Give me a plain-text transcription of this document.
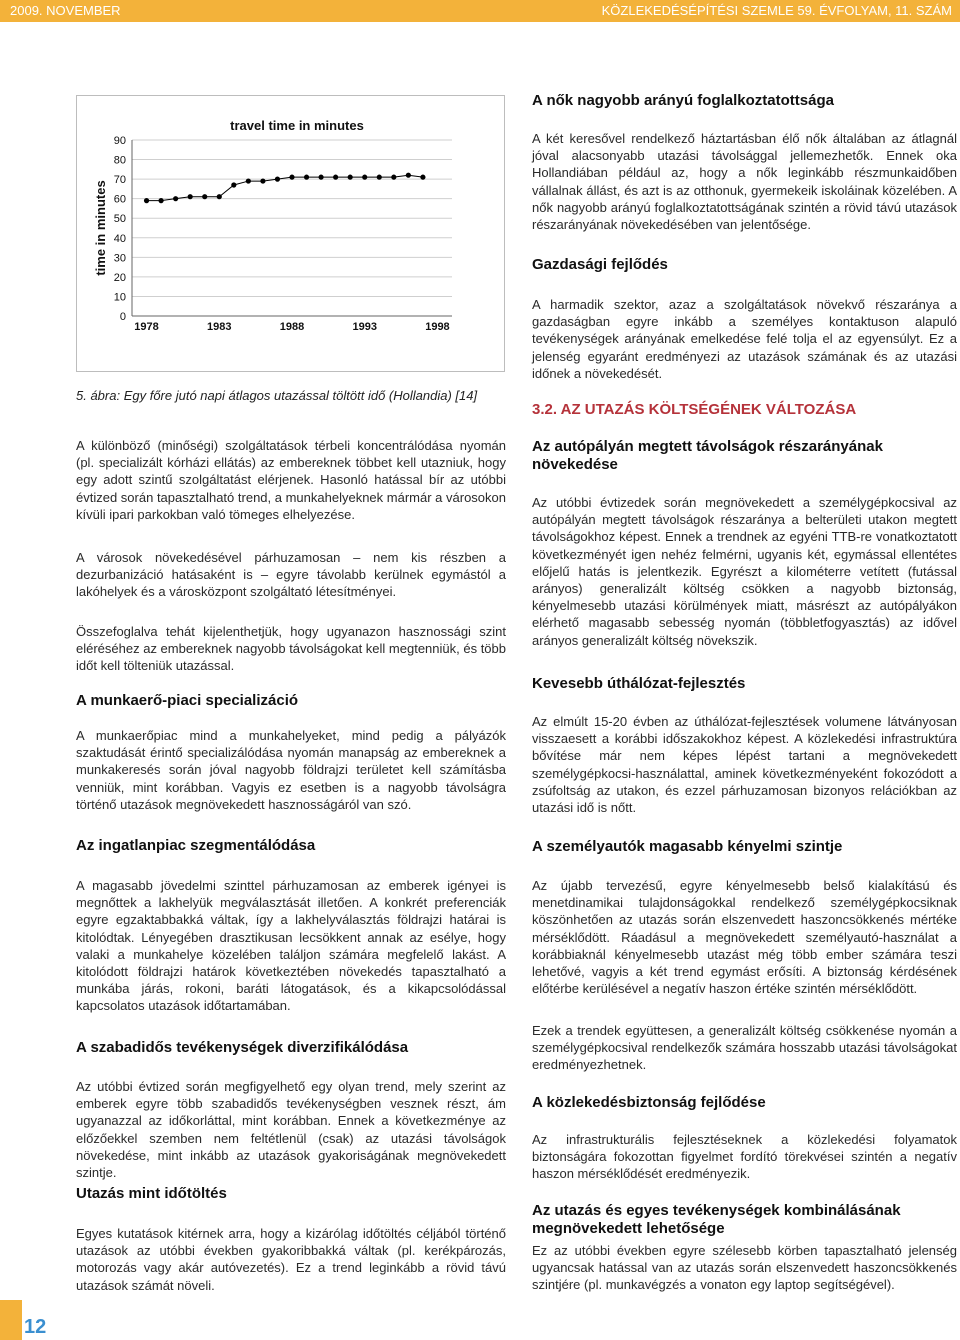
2009. NOVEMBER	KÖZLEKEDÉSÉPÍTÉSI SZEMLE 59. ÉVFOLYAM, 11. SZÁM
90
80
70
60
50
40
30
20
10
0
1978	1983	1988	1993	1998
travel time in minutes
time in minutes
5. ábra: Egy főre jutó napi átlagos utazással töltött idő (Hollandia) [14]

A különböző (minőségi) szolgáltatások térbeli koncentrálódása nyomán (pl. specializált kórházi ellátás) az embereknek többet kell utazniuk, hogy egy adott szintű szolgáltatást elérjenek. Hasonló hatással bír az utóbbi évtized során tapasztalható trend, a munkahelyeknek mármár a városokon kívüli ipari parkokban való tömeges elhelyezése.

A városok növekedésével párhuzamosan – nem kis részben a dezurbanizáció hatásaként is – egyre távolabb kerülnek egymástól a lakóhelyek és a városközpont szolgáltató létesítményei.

Összefoglalva tehát kijelenthetjük, hogy ugyanazon hasznossági szint eléréséhez az embereknek nagyobb távolságokat kell megtenniük, és több időt kell tölteniük utazással.

A munkaerő-piaci specializáció

A munkaerőpiac mind a munkahelyeket, mind pedig a pályázók szaktudását érintő specializálódása nyomán manapság az embereknek a munkakeresés során jóval nagyobb földrajzi területet kell számításba venniük, mint korábban. Vagyis ez esetben is a nagyobb távolságra történő utazások megnövekedett hasznosságáról van szó.

Az ingatlanpiac szegmentálódása

A magasabb jövedelmi szinttel párhuzamosan az emberek igényei is megnőttek a lakhelyük megválasztását illetően. A konkrét preferenciák egyre egzaktabbakká váltak, így a lakhelyválasztás földrajzi határai is kitolódtak. Lényegében drasztikusan lecsökkent annak az esélye, hogy valaki a munkahelye közelében találjon számára megfelelő lakást. A kitolódott földrajzi határok következtében növekedés tapasztalható a munkába járás, rokoni, baráti látogatások, és a kikapcsolódással kapcsolatos utazások időtartamában.

A szabadidős tevékenységek diverzifikálódása

Az utóbbi évtized során megfigyelhető egy olyan trend, mely szerint az emberek egyre több szabadidős tevékenységben vesznek részt, ám ugyanazzal az időkorláttal, mint korábban. Ennek a következménye az előzőekkel szemben nem feltétlenül (csak) az utazási távolságok növekedése, mint inkább az utazások gyakoriságának megnövekedett szintje.

Utazás mint időtöltés

Egyes kutatások kitérnek arra, hogy a kizárólag időtöltés céljából történő utazások az utóbbi években gyakoribbakká váltak (pl. kerékpározás, motorozás vagy akár autóvezetés). Ez a trend leginkább a rövid távú utazások számát növeli.

A nők nagyobb arányú foglalkoztatottsága

A két keresővel rendelkező háztartásban élő nők általában az átlagnál jóval alacsonyabb utazási távolsággal jellemezhetők. Ennek oka Hollandiában például az, hogy a nők leginkább részmunkaidőben vállalnak állást, és azt is az otthonuk, gyermekeik iskoláinak közelében. A nők nagyobb arányú foglalkoztatottságának szintén a rövid távú utazások részarányának növekedésében van jelentősége.

Gazdasági fejlődés

A harmadik szektor, azaz a szolgáltatások növekvő részaránya a gazdaságban egyre inkább a személyes kontaktuson alapuló tevékenységek arányának emelkedése felé tolja el az egyensúlyt. Ez a jelenség egyaránt eredményezi az utazások számának és az utazási időnek a növekedését.

3.2. AZ UTAZÁS KÖLTSÉGÉNEK VÁLTOZÁSA
Az autópályán megtett távolságok részarányának növekedése

Az utóbbi évtizedek során megnövekedett a személygépkocsival az autópályán megtett távolságok részaránya a belterületi utakon megtett távolságokhoz képest. Ennek a trendnek az egyéni TTB-re vonatkoztatott következményét igen nehéz felmérni, ugyanis két, egymással ellentétes előjelű hatás is jelentkezik. Egyrészt a kilométerre vetített (futással arányos) generalizált költség csökken a nagyobb biztonság, kényelmesebb utazási körülmények miatt, másrészt az autópályákon elérhető magasabb sebesség nyomán (többletfogyasztás) az idővel arányos generalizált költség növekszik.

Kevesebb úthálózat-fejlesztés

Az elmúlt 15-20 évben az úthálózat-fejlesztések volumene látványosan visszaesett a korábbi időszakokhoz képest. A közlekedési infrastruktúra bővítése már nem képes lépést tartani a megnövekedett személygépkocsi-használattal, aminek következményeként fokozódott a zsúfoltság az utakon, és ezzel párhuzamosan bizonyos relációkban az utazási idő is nőtt.

A személyautók magasabb kényelmi szintje

Az újabb tervezésű, egyre kényelmesebb belső kialakítású és menetdinamikai tulajdonságokkal rendelkező személygépkocsiknak köszönhetően az utazás során elszenvedett haszoncsökkenés mértéke mérséklődött. Ráadásul a megnövekedett személyautó-használat a korábbiaknál kényelmesebb utazást még több ember számára teszi lehetővé, vagyis a két trend egymást erősíti. A biztonság kérdésének előtérbe kerülésével a negatív haszon értéke szintén mérséklődött.

Ezek a trendek együttesen, a generalizált költség csökkenése nyomán a személygépkocsival rendelkezők számára hosszabb utazási távolságokat eredményezhetnek.

A közlekedésbiztonság fejlődése

Az infrastrukturális fejlesztéseknek a közlekedési folyamatok biztonságára fokozottan figyelmet fordító törekvései szintén a negatív haszon mérséklődését eredményezik.

Az utazás és egyes tevékenységek kombinálásának megnövekedett lehetősége

Ez az utóbbi években egyre szélesebb körben tapasztalható jelenség ugyancsak hatással van az utazás során elszenvedett haszoncsökkenés szintjére (pl. munkavégzés a vonaton egy laptop segítségével).

12
